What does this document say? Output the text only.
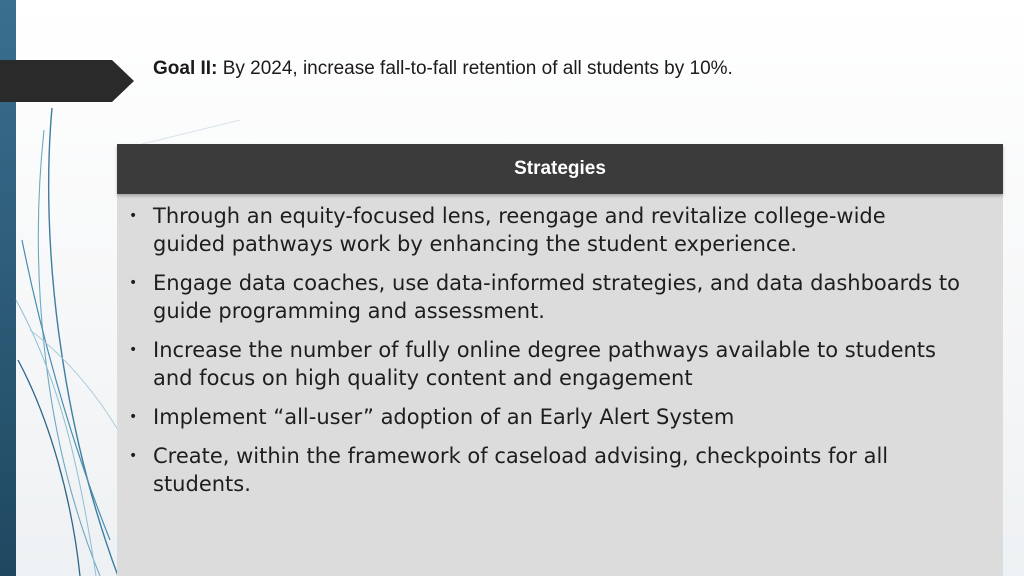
Goal II: By 2024, increase fall-to-fall retention of all students by 10%.
Strategies
• Through an equity-focused lens, reengage and revitalize college-wide guided pathways work by enhancing the student experience.
• Engage data coaches, use data-informed strategies, and data dashboards to guide programming and assessment.
• Increase the number of fully online degree pathways available to students and focus on high quality content and engagement
• Implement “all-user” adoption of an Early Alert System
• Create, within the framework of caseload advising, checkpoints for all students.
